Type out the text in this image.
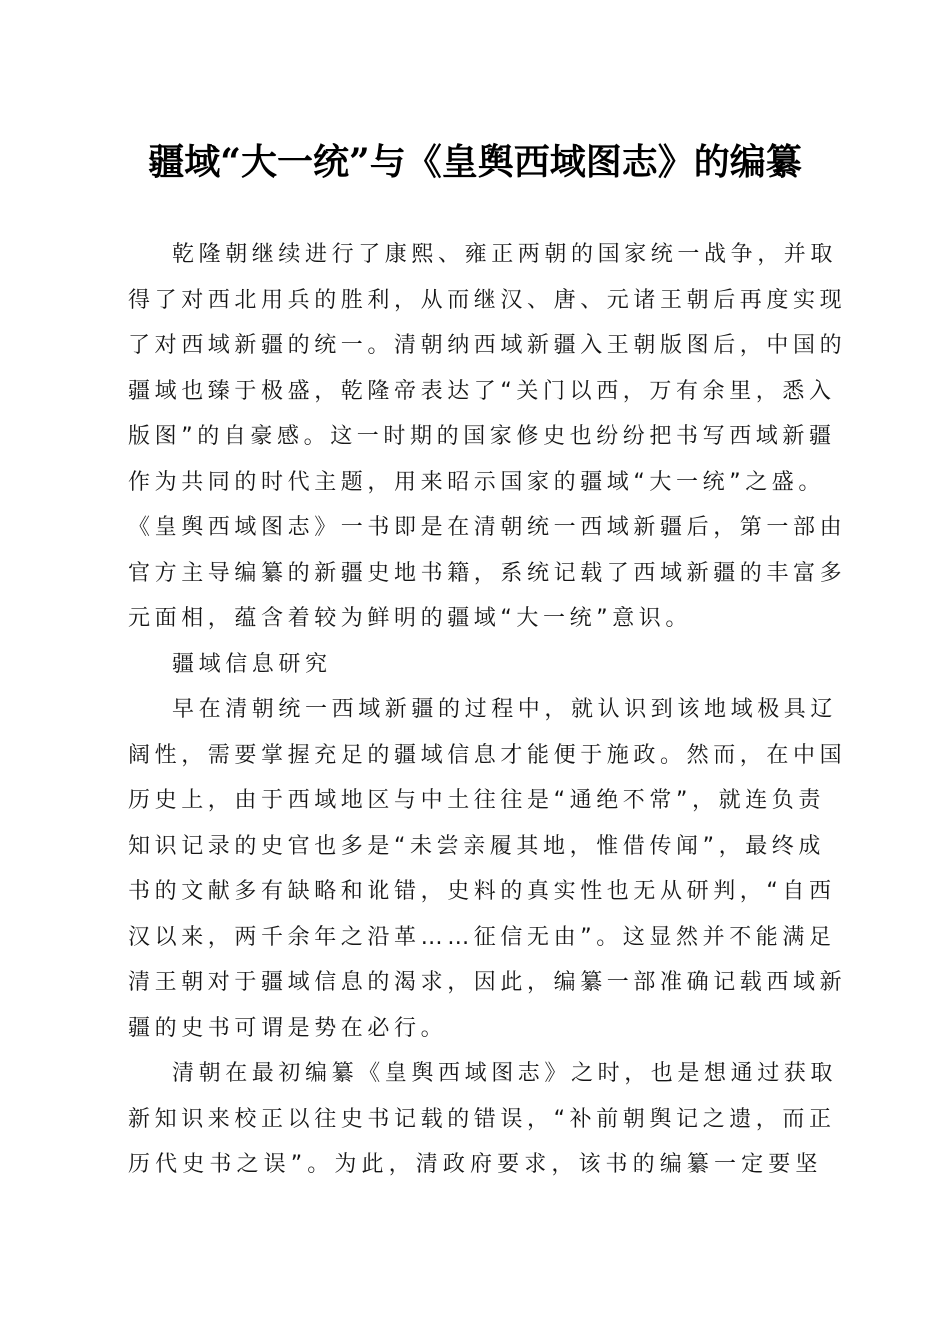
疆域“大一统”与《皇舆西域图志》的编纂
乾隆朝继续进行了康熙、雍正两朝的国家统一战争，并取
得了对西北用兵的胜利，从而继汉、唐、元诸王朝后再度实现
了对西域新疆的统一。清朝纳西域新疆入王朝版图后，中国的
疆域也臻于极盛，乾隆帝表达了“关门以西，万有余里，悉入
版图”的自豪感。这一时期的国家修史也纷纷把书写西域新疆
作为共同的时代主题，用来昭示国家的疆域“大一统”之盛。
《皇舆西域图志》一书即是在清朝统一西域新疆后，第一部由
官方主导编纂的新疆史地书籍，系统记载了西域新疆的丰富多
元面相，蕴含着较为鲜明的疆域“大一统”意识。
疆域信息研究
早在清朝统一西域新疆的过程中，就认识到该地域极具辽
阔性，需要掌握充足的疆域信息才能便于施政。然而，在中国
历史上，由于西域地区与中土往往是“通绝不常”，就连负责
知识记录的史官也多是“未尝亲履其地，惟借传闻”，最终成
书的文献多有缺略和讹错，史料的真实性也无从研判，“自西
汉以来，两千余年之沿革……征信无由”。这显然并不能满足
清王朝对于疆域信息的渴求，因此，编纂一部准确记载西域新
疆的史书可谓是势在必行。
清朝在最初编纂《皇舆西域图志》之时，也是想通过获取
新知识来校正以往史书记载的错误，“补前朝舆记之遗，而正
历代史书之误”。为此，清政府要求，该书的编纂一定要坚
